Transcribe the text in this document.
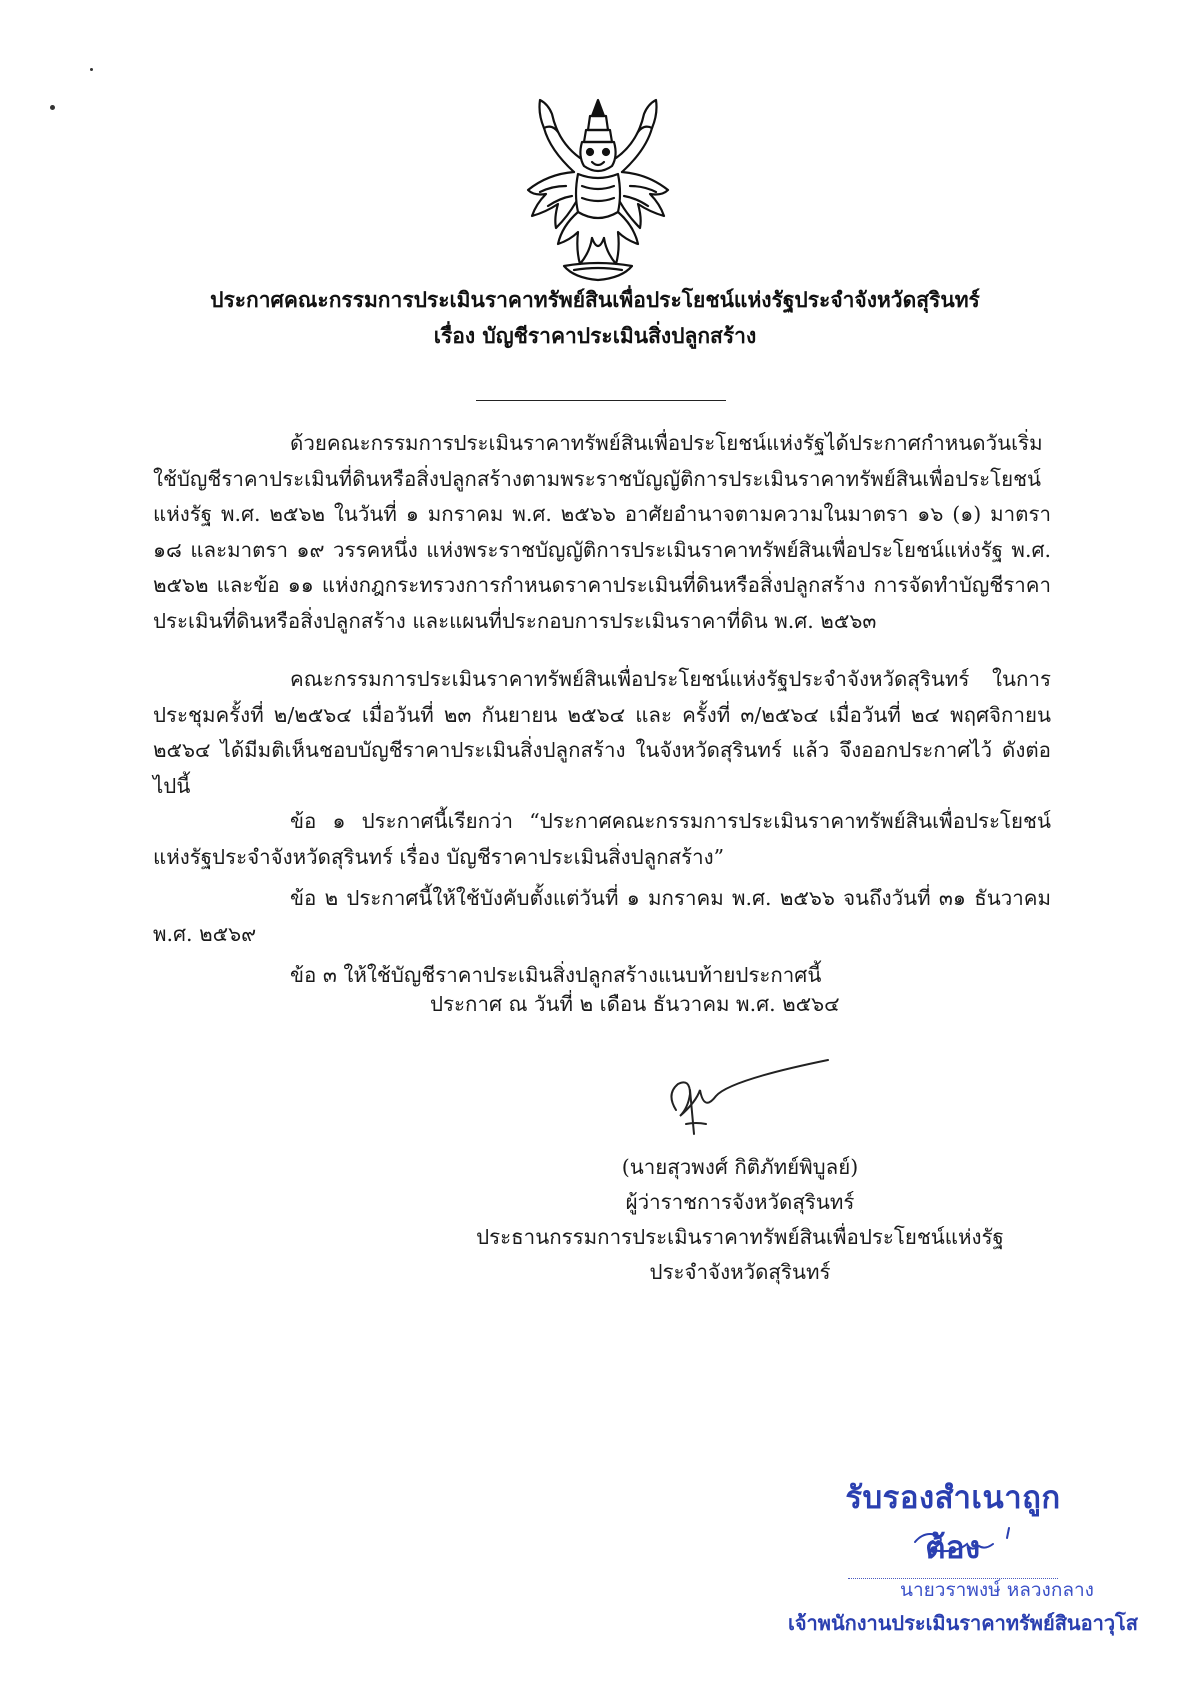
ประกาศคณะกรรมการประเมินราคาทรัพย์สินเพื่อประโยชน์แห่งรัฐประจำจังหวัดสุรินทร์
เรื่อง บัญชีราคาประเมินสิ่งปลูกสร้าง

ด้วยคณะกรรมการประเมินราคาทรัพย์สินเพื่อประโยชน์แห่งรัฐได้ประกาศกำหนดวันเริ่มใช้บัญชีราคาประเมินที่ดินหรือสิ่งปลูกสร้างตามพระราชบัญญัติการประเมินราคาทรัพย์สินเพื่อประโยชน์แห่งรัฐ พ.ศ. ๒๕๖๒ ในวันที่ ๑ มกราคม พ.ศ. ๒๕๖๖ อาศัยอำนาจตามความในมาตรา ๑๖ (๑) มาตรา ๑๘ และมาตรา ๑๙ วรรคหนึ่ง แห่งพระราชบัญญัติการประเมินราคาทรัพย์สินเพื่อประโยชน์แห่งรัฐ พ.ศ. ๒๕๖๒ และข้อ ๑๑ แห่งกฎกระทรวงการกำหนดราคาประเมินที่ดินหรือสิ่งปลูกสร้าง การจัดทำบัญชีราคาประเมินที่ดินหรือสิ่งปลูกสร้าง และแผนที่ประกอบการประเมินราคาที่ดิน พ.ศ. ๒๕๖๓

คณะกรรมการประเมินราคาทรัพย์สินเพื่อประโยชน์แห่งรัฐประจำจังหวัดสุรินทร์ ในการประชุมครั้งที่ ๒/๒๕๖๔ เมื่อวันที่ ๒๓ กันยายน ๒๕๖๔ และ ครั้งที่ ๓/๒๕๖๔ เมื่อวันที่ ๒๔ พฤศจิกายน ๒๕๖๔ ได้มีมติเห็นชอบบัญชีราคาประเมินสิ่งปลูกสร้าง ในจังหวัดสุรินทร์ แล้ว จึงออกประกาศไว้ ดังต่อไปนี้

ข้อ ๑ ประกาศนี้เรียกว่า “ประกาศคณะกรรมการประเมินราคาทรัพย์สินเพื่อประโยชน์แห่งรัฐประจำจังหวัดสุรินทร์ เรื่อง บัญชีราคาประเมินสิ่งปลูกสร้าง”

ข้อ ๒ ประกาศนี้ให้ใช้บังคับตั้งแต่วันที่ ๑ มกราคม พ.ศ. ๒๕๖๖ จนถึงวันที่ ๓๑ ธันวาคม พ.ศ. ๒๕๖๙

ข้อ ๓ ให้ใช้บัญชีราคาประเมินสิ่งปลูกสร้างแนบท้ายประกาศนี้

ประกาศ ณ วันที่ ๒ เดือน ธันวาคม พ.ศ. ๒๕๖๔
(นายสุวพงศ์ กิติภัทย์พิบูลย์)
ผู้ว่าราชการจังหวัดสุรินทร์
ประธานกรรมการประเมินราคาทรัพย์สินเพื่อประโยชน์แห่งรัฐ
ประจำจังหวัดสุรินทร์
รับรองสำเนาถูกต้อง
นายวราพงษ์ หลวงกลาง
เจ้าพนักงานประเมินราคาทรัพย์สินอาวุโส
